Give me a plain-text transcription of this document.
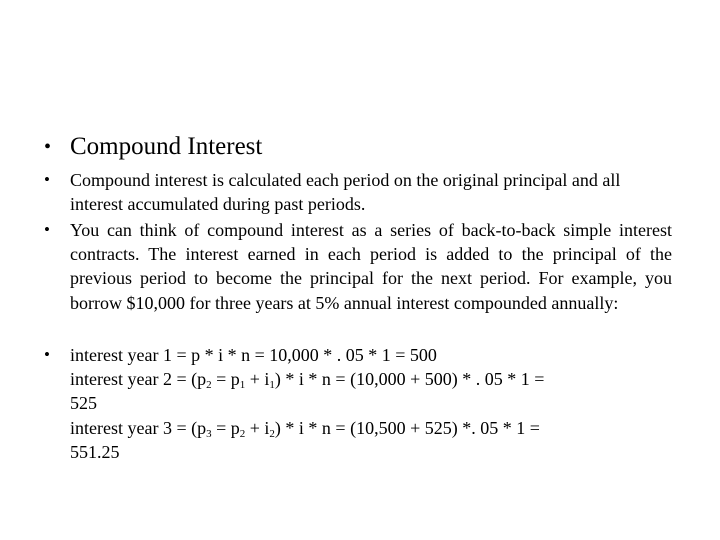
• Compound Interest
•	Compound interest is calculated each period on the original principal and all interest accumulated during past periods.
•	You can think of compound interest as a series of back-to-back simple interest contracts. The interest earned in each period is added to the principal of the previous period to become the principal for the next period. For example, you borrow $10,000 for three years at 5% annual interest compounded annually:
•	interest year 1 = p * i * n = 10,000 * . 05 * 1 = 500
interest year $2 = (p_2 = p_1 + i_1) * i * n = (10,000 + 500)$ * . 05 * 1 =
525
interest year $3 = (p_3 = p_2 + i_2) * i * n = (10,500 + 525)$ *. 05 * 1 =
551.25
